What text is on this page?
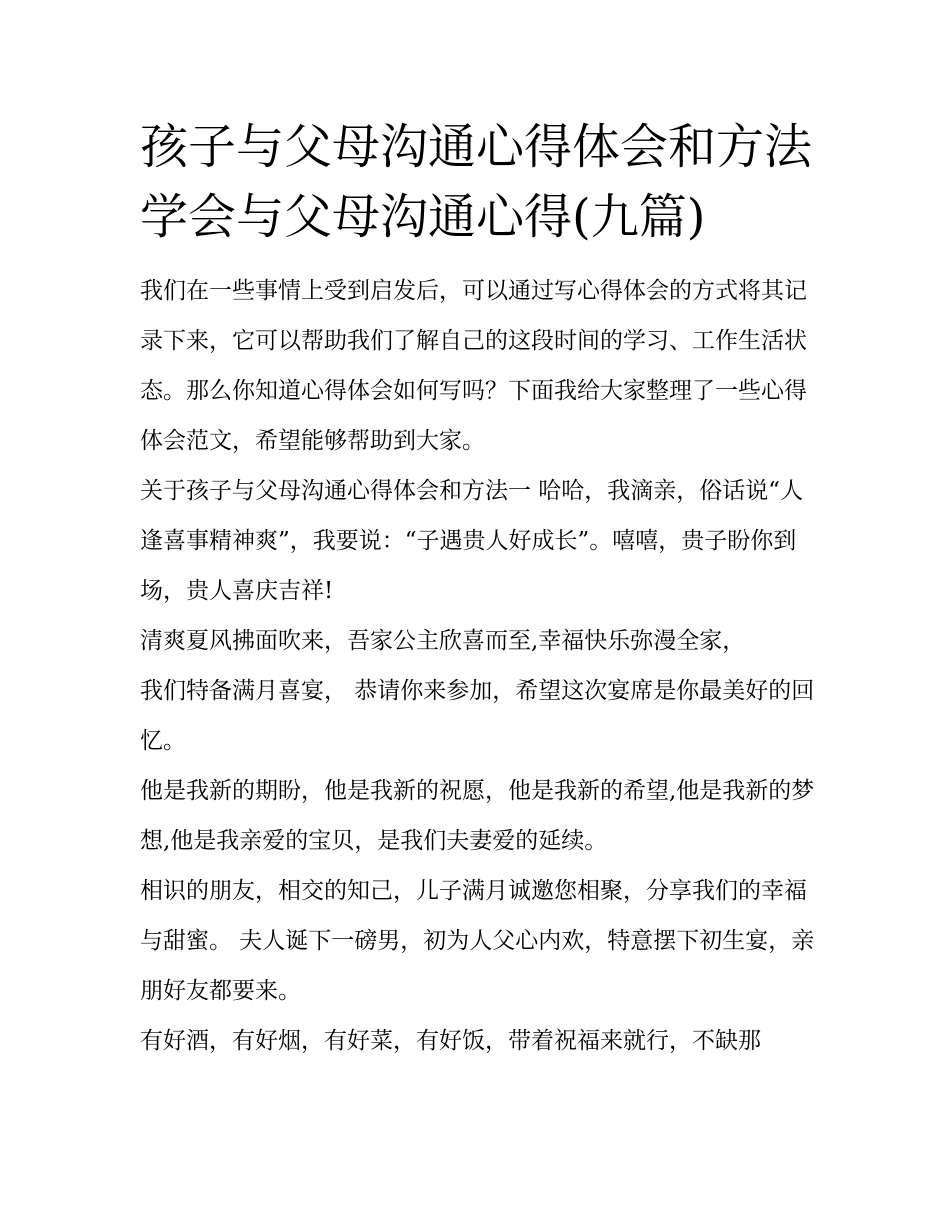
孩子与父母沟通心得体会和方法 学会与父母沟通心得(九篇)

我们在一些事情上受到启发后，可以通过写心得体会的方式将其记录下来，它可以帮助我们了解自己的这段时间的学习、工作生活状态。那么你知道心得体会如何写吗？下面我给大家整理了一些心得体会范文，希望能够帮助到大家。

关于孩子与父母沟通心得体会和方法一 哈哈，我滴亲，俗话说“人逢喜事精神爽”，我要说：“子遇贵人好成长”。嘻嘻，贵子盼你到场，贵人喜庆吉祥!

清爽夏风拂面吹来，吾家公主欣喜而至,幸福快乐弥漫全家，
我们特备满月喜宴， 恭请你来参加，希望这次宴席是你最美好的回忆。

他是我新的期盼，他是我新的祝愿，他是我新的希望,他是我新的梦想,他是我亲爱的宝贝，是我们夫妻爱的延续。

相识的朋友，相交的知己，儿子满月诚邀您相聚，分享我们的幸福与甜蜜。 夫人诞下一磅男，初为人父心内欢，特意摆下初生宴，亲朋好友都要来。

有好酒，有好烟，有好菜，有好饭，带着祝福来就行，不缺那
